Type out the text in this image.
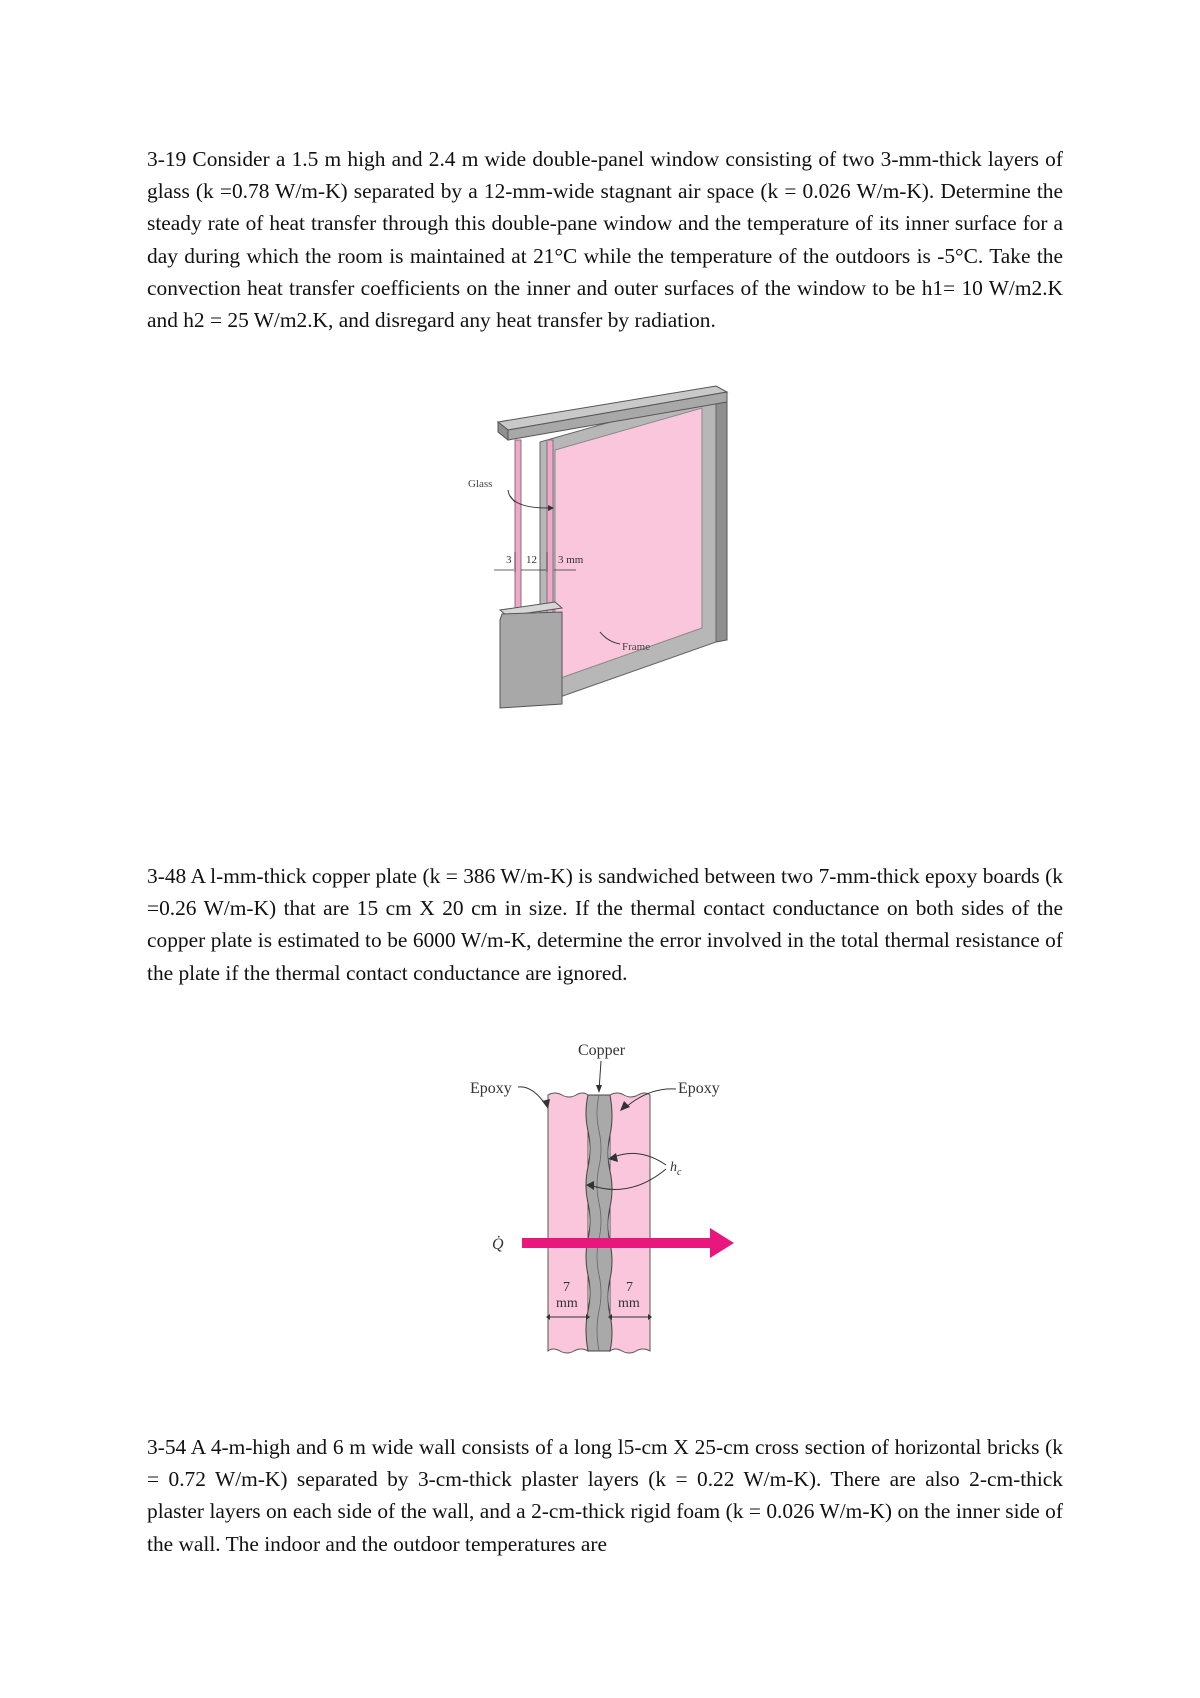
3-19 Consider a 1.5 m high and 2.4 m wide double-panel window consisting of two 3-mm-thick layers of glass (k =0.78 W/m-K) separated by a 12-mm-wide stagnant air space (k = 0.026 W/m-K). Determine the steady rate of heat transfer through this double-pane window and the temperature of its inner surface for a day during which the room is maintained at 21°C while the temperature of the outdoors is -5°C. Take the convection heat transfer coefficients on the inner and outer surfaces of the window to be h1= 10 W/m2.K and h2 = 25 W/m2.K, and disregard any heat transfer by radiation.

Glass
3 12 3 mm
Frame

3-48 A l-mm-thick copper plate (k = 386 W/m-K) is sandwiched between two 7-mm-thick epoxy boards (k =0.26 W/m-K) that are 15 cm X 20 cm in size. If the thermal contact conductance on both sides of the copper plate is estimated to be 6000 W/m-K, determine the error involved in the total thermal resistance of the plate if the thermal contact conductance are ignored.

Copper
Epoxy	Epoxy
$h_c$
Q̇
7
mm
7
mm

3-54 A 4-m-high and 6 m wide wall consists of a long l5-cm X 25-cm cross section of horizontal bricks (k = 0.72 W/m-K) separated by 3-cm-thick plaster layers (k = 0.22 W/m-K). There are also 2-cm-thick plaster layers on each side of the wall, and a 2-cm-thick rigid foam (k = 0.026 W/m-K) on the inner side of the wall. The indoor and the outdoor temperatures are
